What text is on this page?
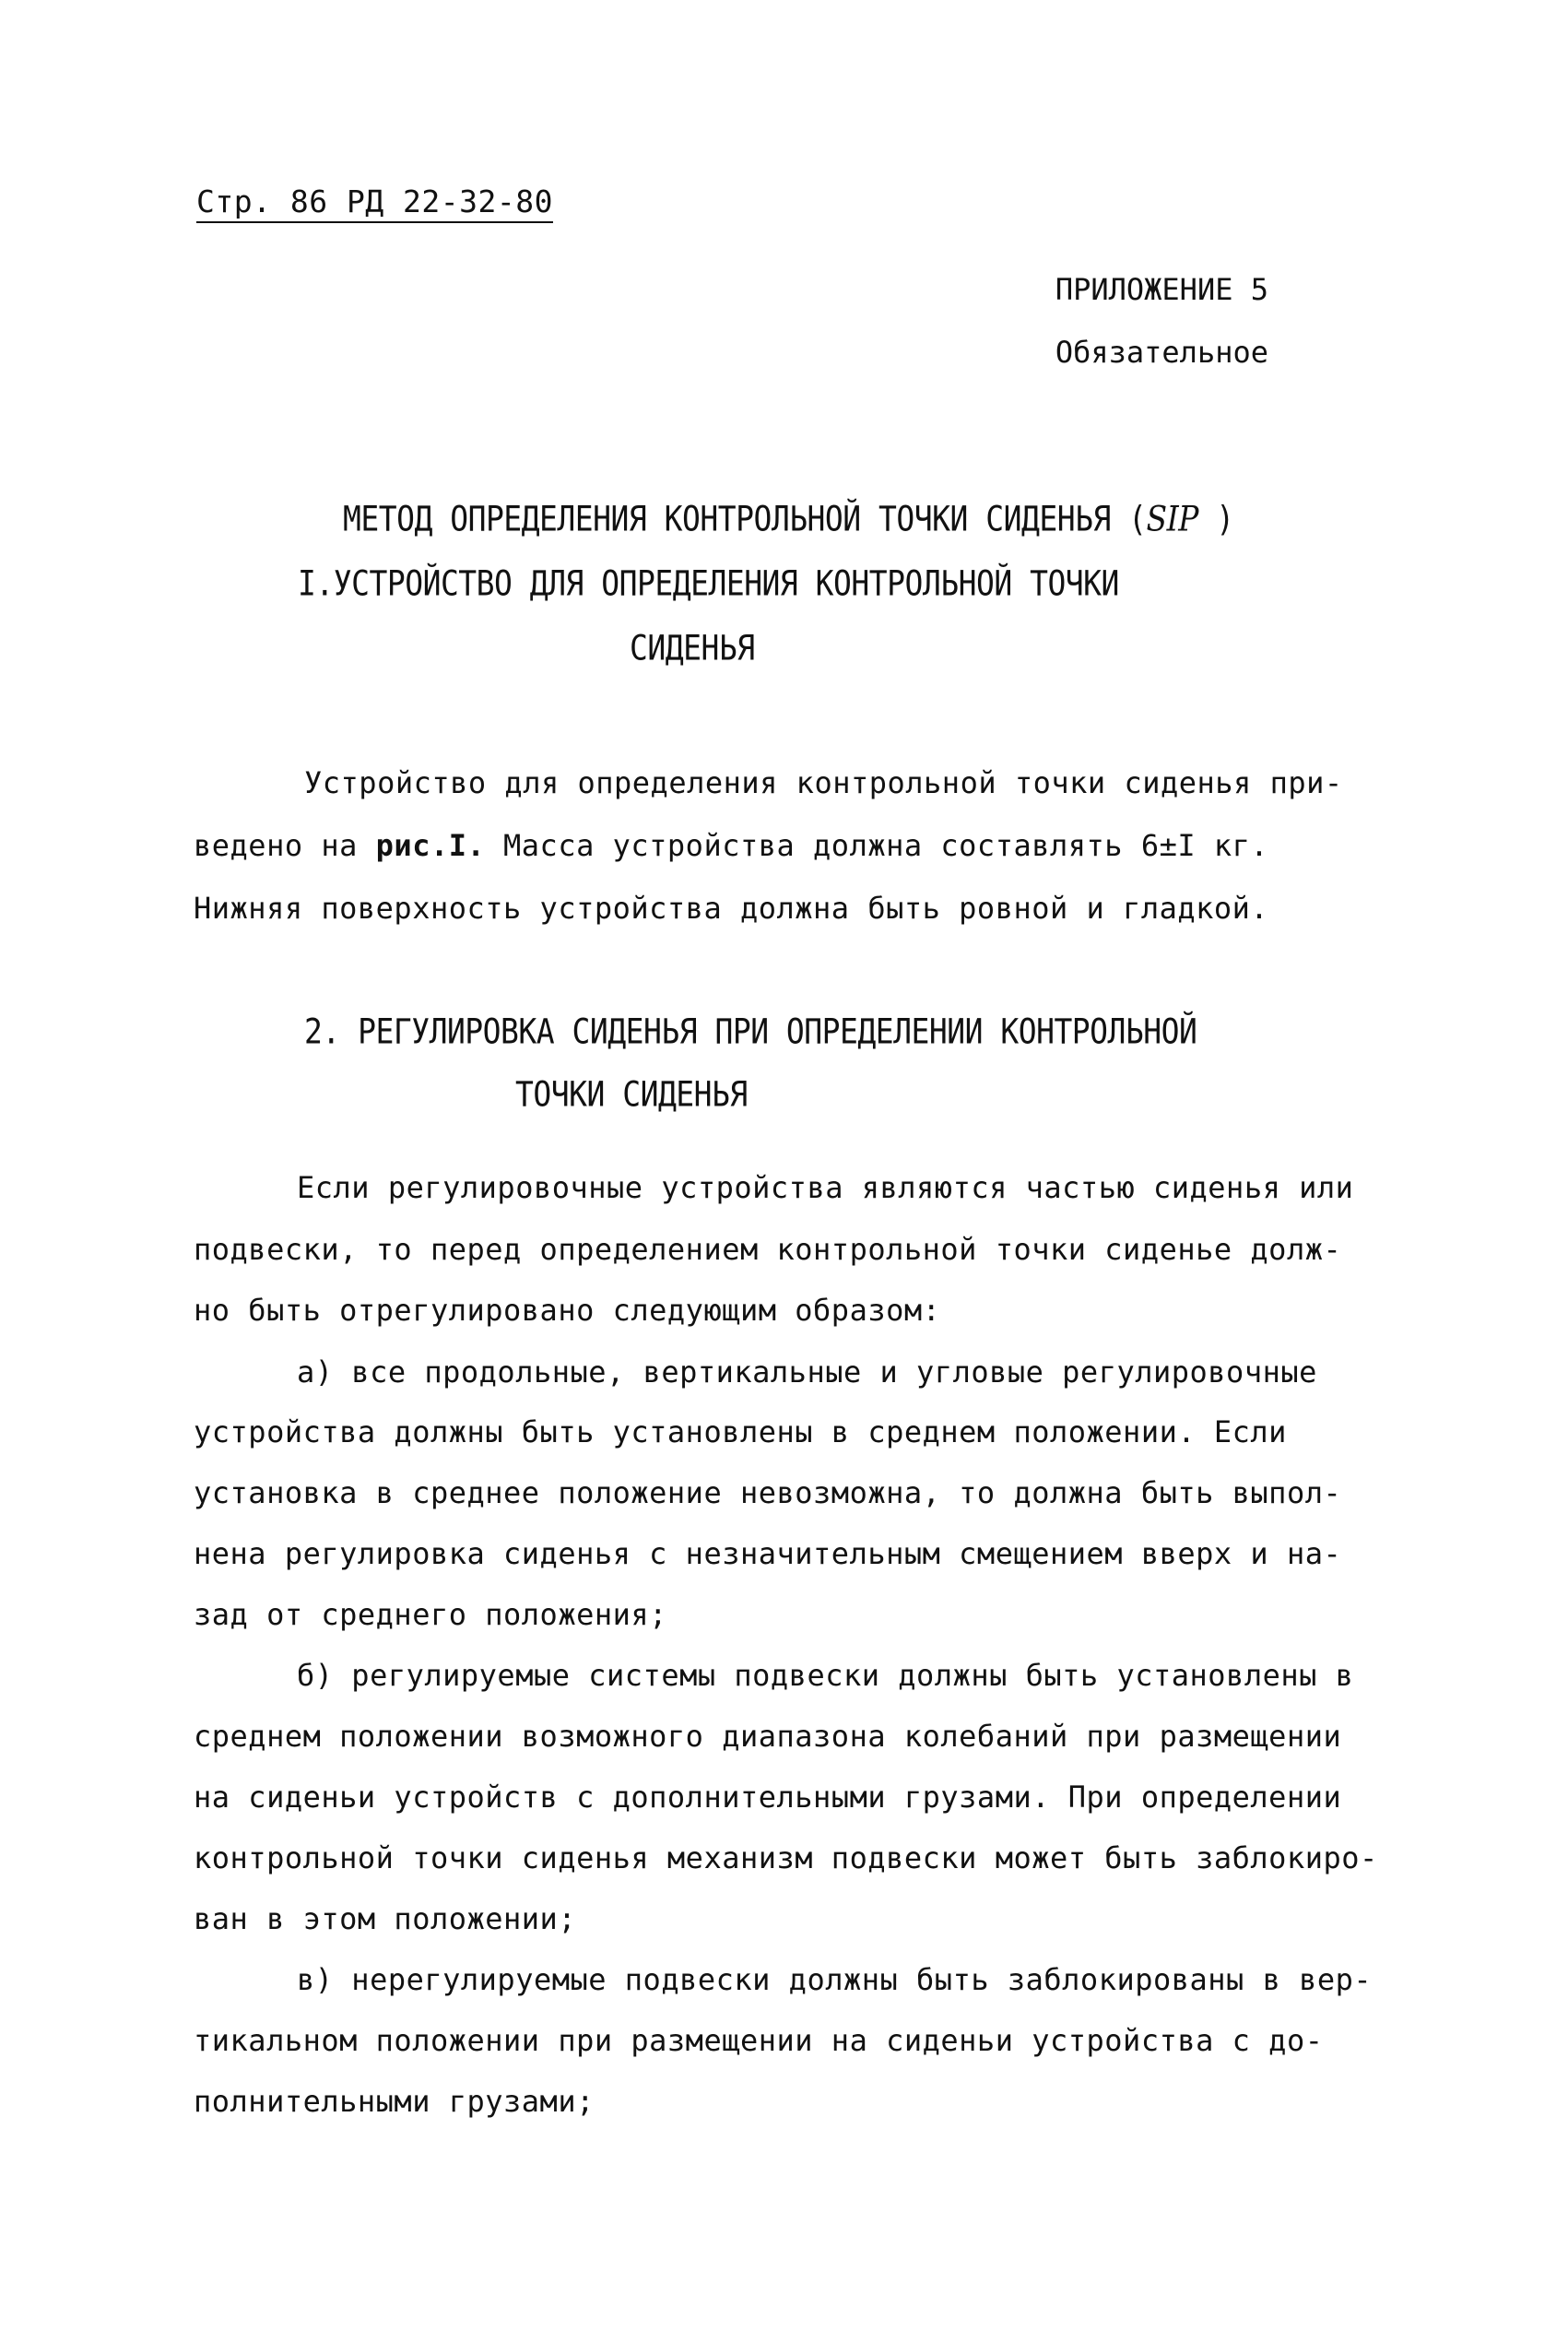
Стр. 86 РД 22-32-80

ПРИЛОЖЕНИЕ 5

Обязательное

МЕТОД ОПРЕДЕЛЕНИЯ КОНТРОЛЬНОЙ ТОЧКИ СИДЕНЬЯ (SIP )

I.УСТРОЙСТВО ДЛЯ ОПРЕДЕЛЕНИЯ КОНТРОЛЬНОЙ ТОЧКИ

СИДЕНЬЯ

Устройство для определения контрольной точки сиденья при-

ведено на рис.I. Масса устройства должна составлять 6±I кг.

Нижняя поверхность устройства должна быть ровной и гладкой.

2. РЕГУЛИРОВКА СИДЕНЬЯ ПРИ ОПРЕДЕЛЕНИИ КОНТРОЛЬНОЙ

ТОЧКИ СИДЕНЬЯ

Если регулировочные устройства являются частью сиденья или

подвески, то перед определением контрольной точки сиденье долж-

но быть отрегулировано следующим образом:

а) все продольные, вертикальные и угловые регулировочные

устройства должны быть установлены в среднем положении. Если

установка в среднее положение невозможна, то должна быть выпол-

нена регулировка сиденья с незначительным смещением вверх и на-

зад от среднего положения;

б) регулируемые системы подвески должны быть установлены в

среднем положении возможного диапазона колебаний при размещении

на сиденьи устройств с дополнительными грузами. При определении

контрольной точки сиденья механизм подвески может быть заблокиро-

ван в этом положении;

в) нерегулируемые подвески должны быть заблокированы в вер-

тикальном положении при размещении на сиденьи устройства с до-

полнительными грузами;
